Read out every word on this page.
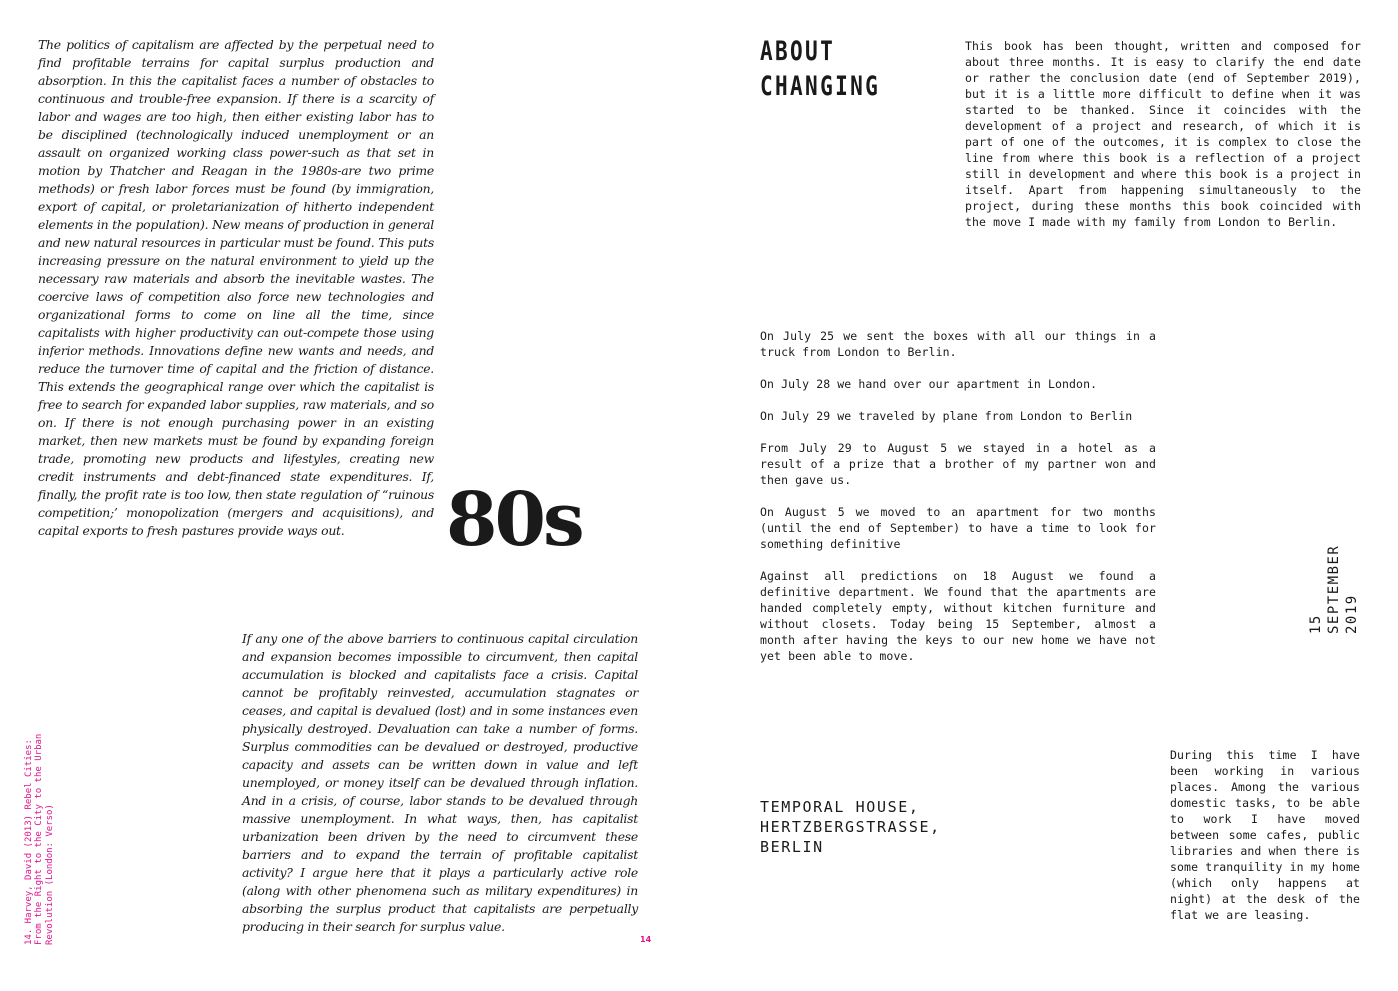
The politics of capitalism are affected by the perpetual need to find profitable terrains for capital surplus production and absorption. In this the capitalist faces a number of obstacles to continuous and trouble-free expansion. If there is a scarcity of labor and wages are too high, then either existing labor has to be disciplined (technologically induced unemployment or an assault on organized working class power-such as that set in motion by Thatcher and Reagan in the 1980s-are two prime methods) or fresh labor forces must be found (by immigration, export of capital, or proletarianization of hitherto independent elements in the population). New means of production in general and new natural resources in particular must be found. This puts increasing pressure on the natural environment to yield up the necessary raw materials and absorb the inevitable wastes. The coercive laws of competition also force new technologies and organizational forms to come on line all the time, since capitalists with higher productivity can out-compete those using inferior methods. Innovations define new wants and needs, and reduce the turnover time of capital and the friction of distance. This extends the geographical range over which the capitalist is free to search for expanded labor supplies, raw materials, and so on. If there is not enough purchasing power in an existing market, then new markets must be found by expanding foreign trade, promoting new products and lifestyles, creating new credit instruments and debt-financed state expenditures. If, finally, the profit rate is too low, then state regulation of “ruinous competition;’ monopolization (mergers and acquisitions), and capital exports to fresh pastures provide ways out.	80s

If any one of the above barriers to continuous capital circulation and expansion becomes impossible to circumvent, then capital accumulation is blocked and capitalists face a crisis. Capital cannot be profitably reinvested, accumulation stagnates or ceases, and capital is devalued (lost) and in some instances even physically destroyed. Devaluation can take a number of forms. Surplus commodities can be devalued or destroyed, productive capacity and assets can be written down in value and left unemployed, or money itself can be devalued through inflation. And in a crisis, of course, labor stands to be devalued through massive unemployment. In what ways, then, has capitalist urbanization been driven by the need to circumvent these barriers and to expand the terrain of profitable capitalist activity? I argue here that it plays a particularly active role (along with other phenomena such as military expenditures) in absorbing the surplus product that capitalists are perpetually producing in their search for surplus value.

14. Harvey, David (2013) Rebel Cities: From the Right to the City to the Urban Revolution (London: Verso)	14
ABOUT
CHANGING

This book has been thought, written and composed for about three months. It is easy to clarify the end date or rather the conclusion date (end of September 2019), but it is a little more difficult to define when it was started to be thanked. Since it coincides with the development of a project and research, of which it is part of one of the outcomes, it is complex to close the line from where this book is a reflection of a project still in development and where this book is a project in itself. Apart from happening simultaneously to the project, during these months this book coincided with the move I made with my family from London to Berlin.

On July 25 we sent the boxes with all our things in a truck from London to Berlin.

On July 28 we hand over our apartment in London.

On July 29 we traveled by plane from London to Berlin

From July 29 to August 5 we stayed in a hotel as a result of a prize that a brother of my partner won and then gave us.

On August 5 we moved to an apartment for two months (until the end of September) to have a time to look for something definitive

Against all predictions on 18 August we found a definitive department. We found that the apartments are handed completely empty, without kitchen furniture and without closets. Today being 15 September, almost a month after having the keys to our new home we have not yet been able to move.

15 SEPTEMBER 2019
TEMPORAL HOUSE,
HERTZBERGSTRASSE,
BERLIN

During this time I have been working in various places. Among the various domestic tasks, to be able to work I have moved between some cafes, public libraries and when there is some tranquility in my home (which only happens at night) at the desk of the flat we are leasing.
